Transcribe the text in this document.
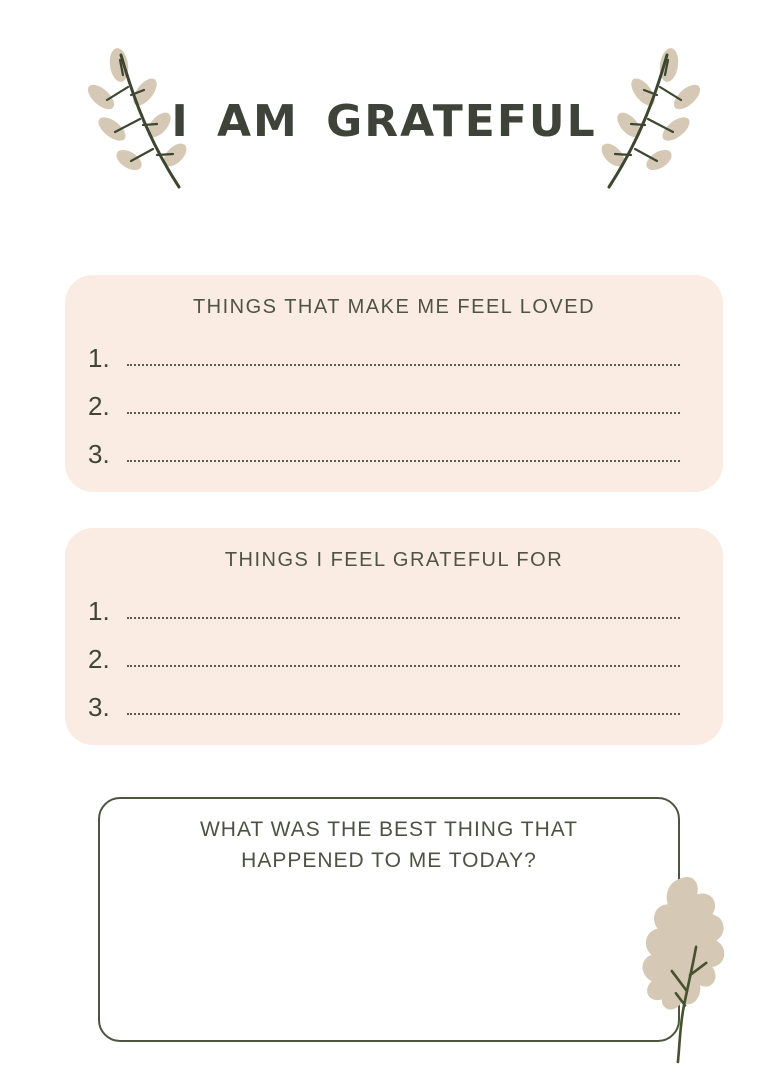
I AM GRATEFUL
THINGS THAT MAKE ME FEEL LOVED
1.
2.
3.
THINGS I FEEL GRATEFUL FOR
1.
2.
3.
WHAT WAS THE BEST THING THAT
HAPPENED TO ME TODAY?
